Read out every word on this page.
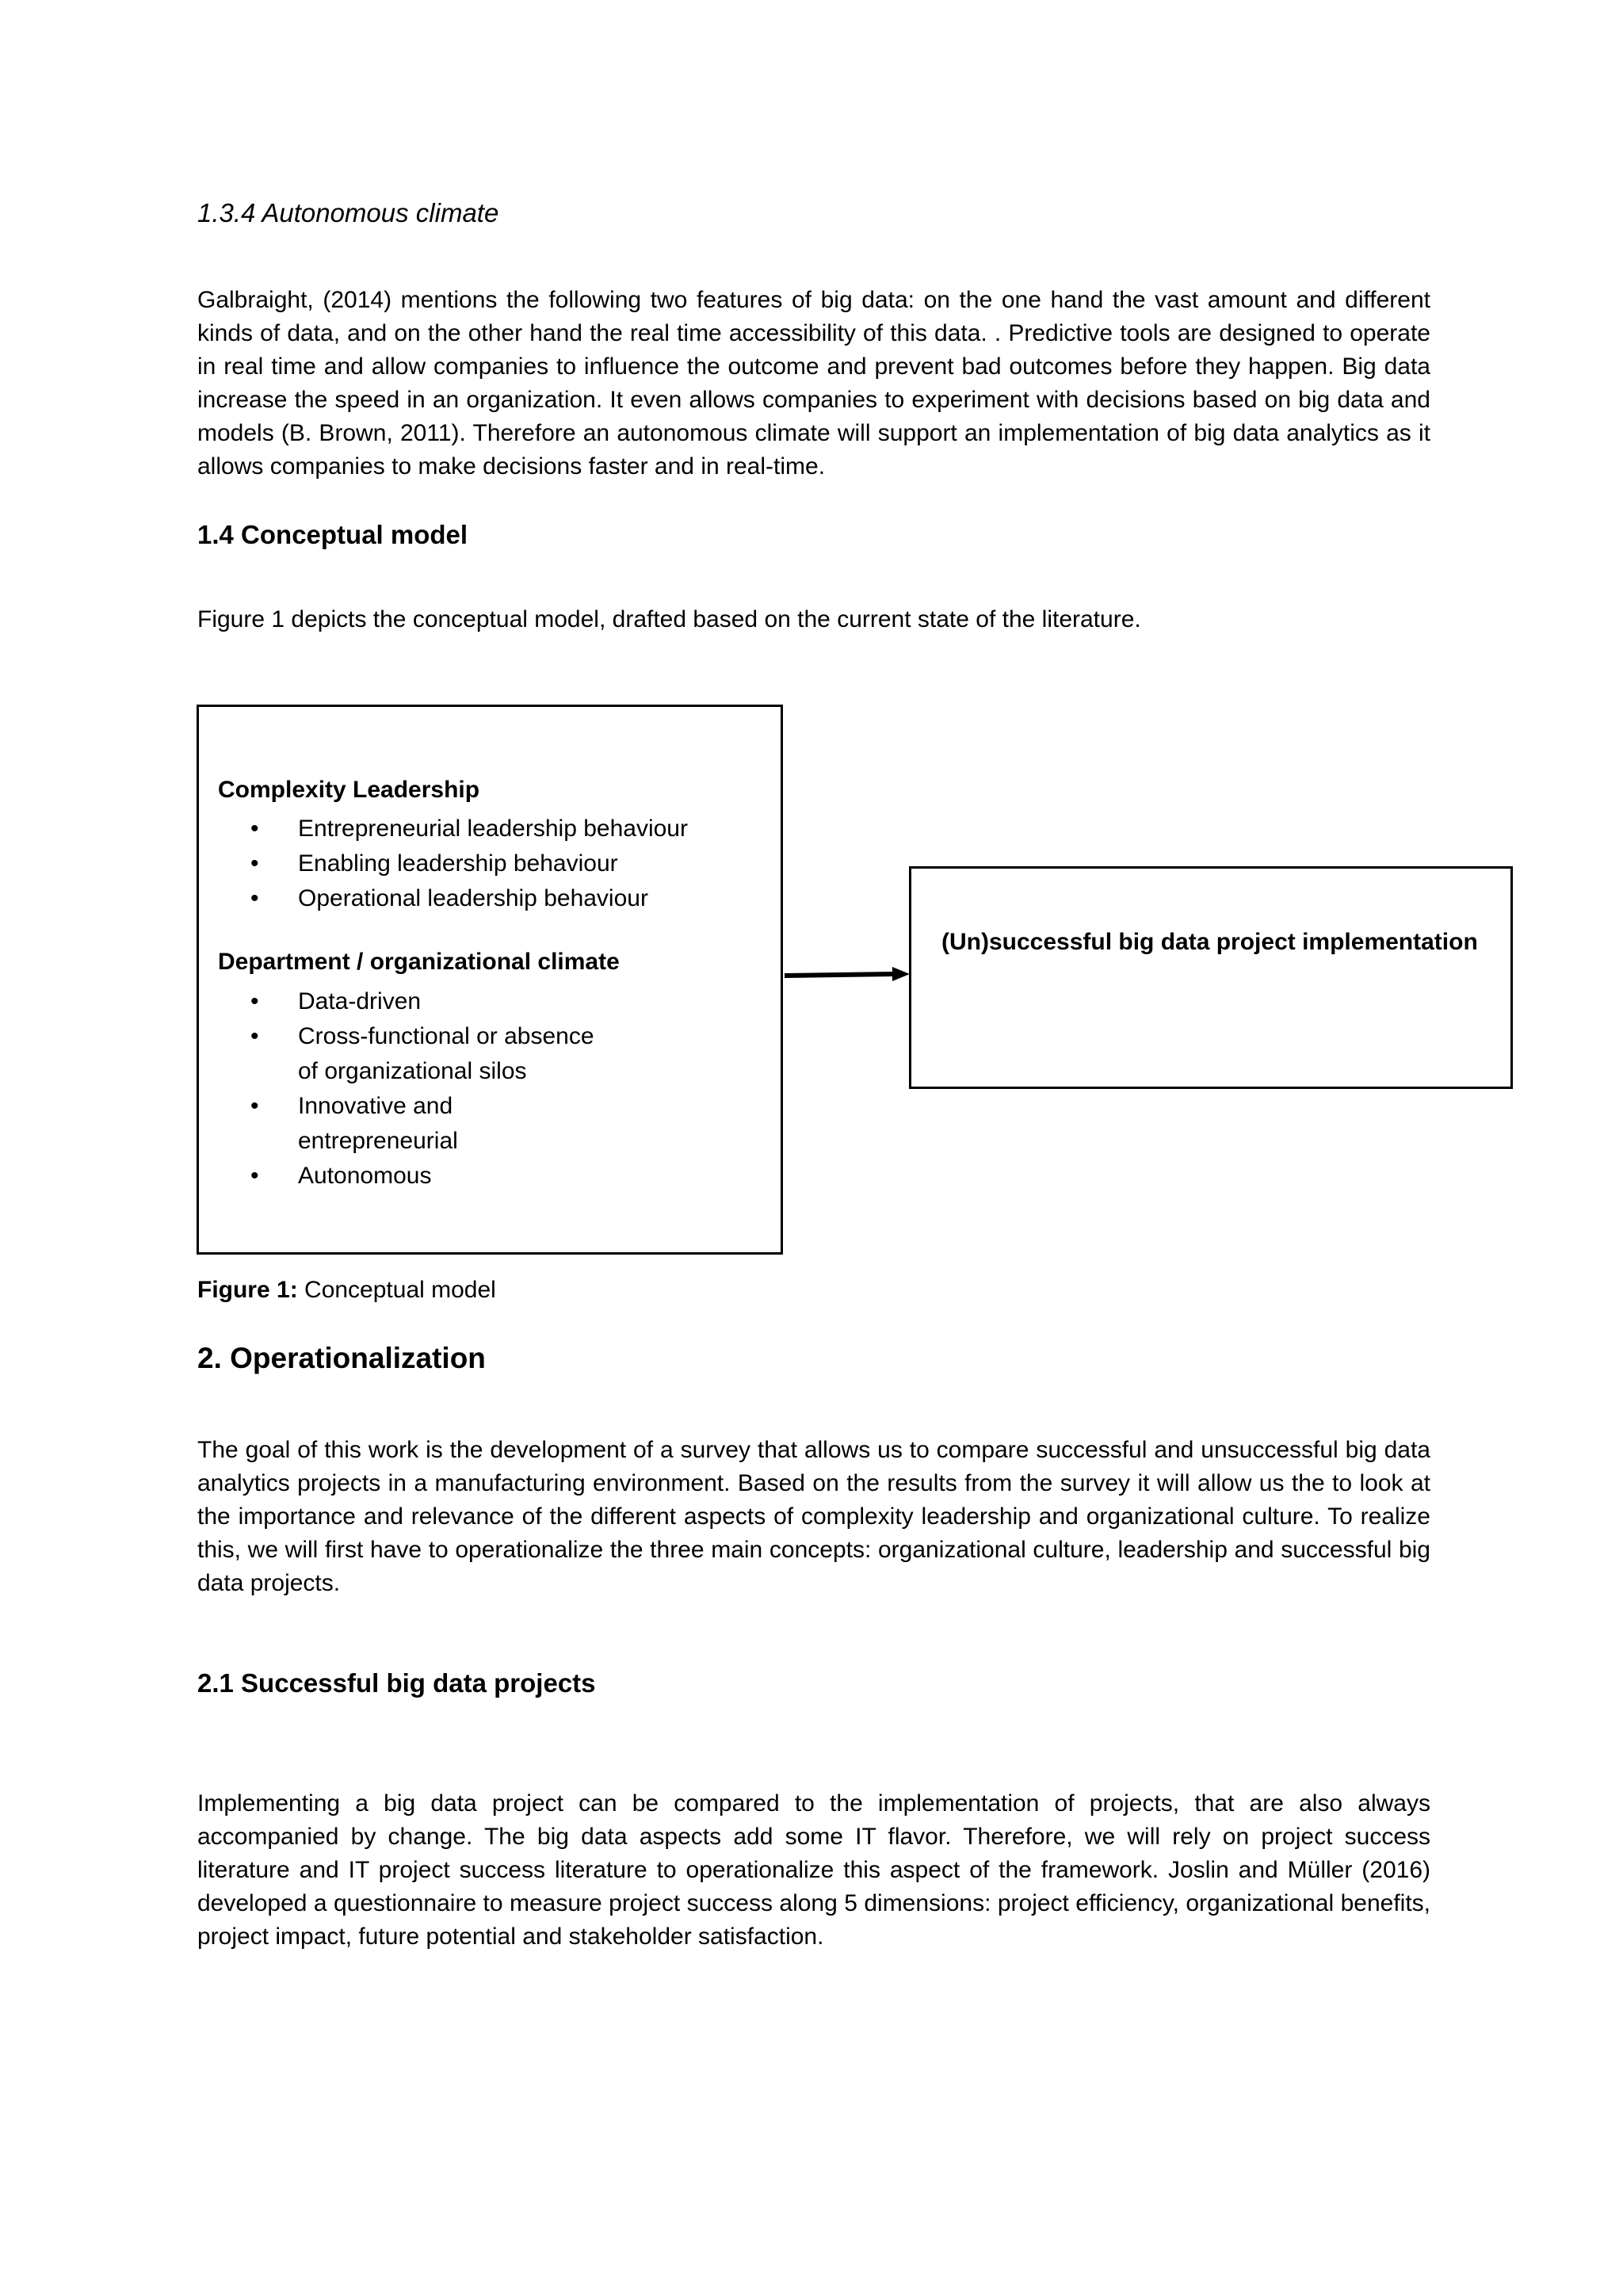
1.3.4 Autonomous climate

Galbraight, (2014) mentions the following two features of big data: on the one hand the vast amount and different kinds of data, and on the other hand the real time accessibility of this data. . Predictive tools are designed to operate in real time and allow companies to influence the outcome and prevent bad outcomes before they happen. Big data increase the speed in an organization. It even allows companies to experiment with decisions based on big data and models (B. Brown, 2011). Therefore an autonomous climate will support an implementation of big data analytics as it allows companies to make decisions faster and in real-time.

1.4 Conceptual model
Figure 1 depicts the conceptual model, drafted based on the current state of the literature.
Complexity Leadership
• Entrepreneurial leadership behaviour
• Enabling leadership behaviour
• Operational leadership behaviour
Department / organizational climate
• Data-driven
• Cross-functional or absence of organizational silos
• Innovative and entrepreneurial
• Autonomous
(Un)successful big data project implementation
Figure 1: Conceptual model
2. Operationalization

The goal of this work is the development of a survey that allows us to compare successful and unsuccessful big data analytics projects in a manufacturing environment. Based on the results from the survey it will allow us the to look at the importance and relevance of the different aspects of complexity leadership and organizational culture. To realize this, we will first have to operationalize the three main concepts: organizational culture, leadership and successful big data projects.

2.1 Successful big data projects

Implementing a big data project can be compared to the implementation of projects, that are also always accompanied by change. The big data aspects add some IT flavor. Therefore, we will rely on project success literature and IT project success literature to operationalize this aspect of the framework. Joslin and Müller (2016) developed a questionnaire to measure project success along 5 dimensions: project efficiency, organizational benefits, project impact, future potential and stakeholder satisfaction.
